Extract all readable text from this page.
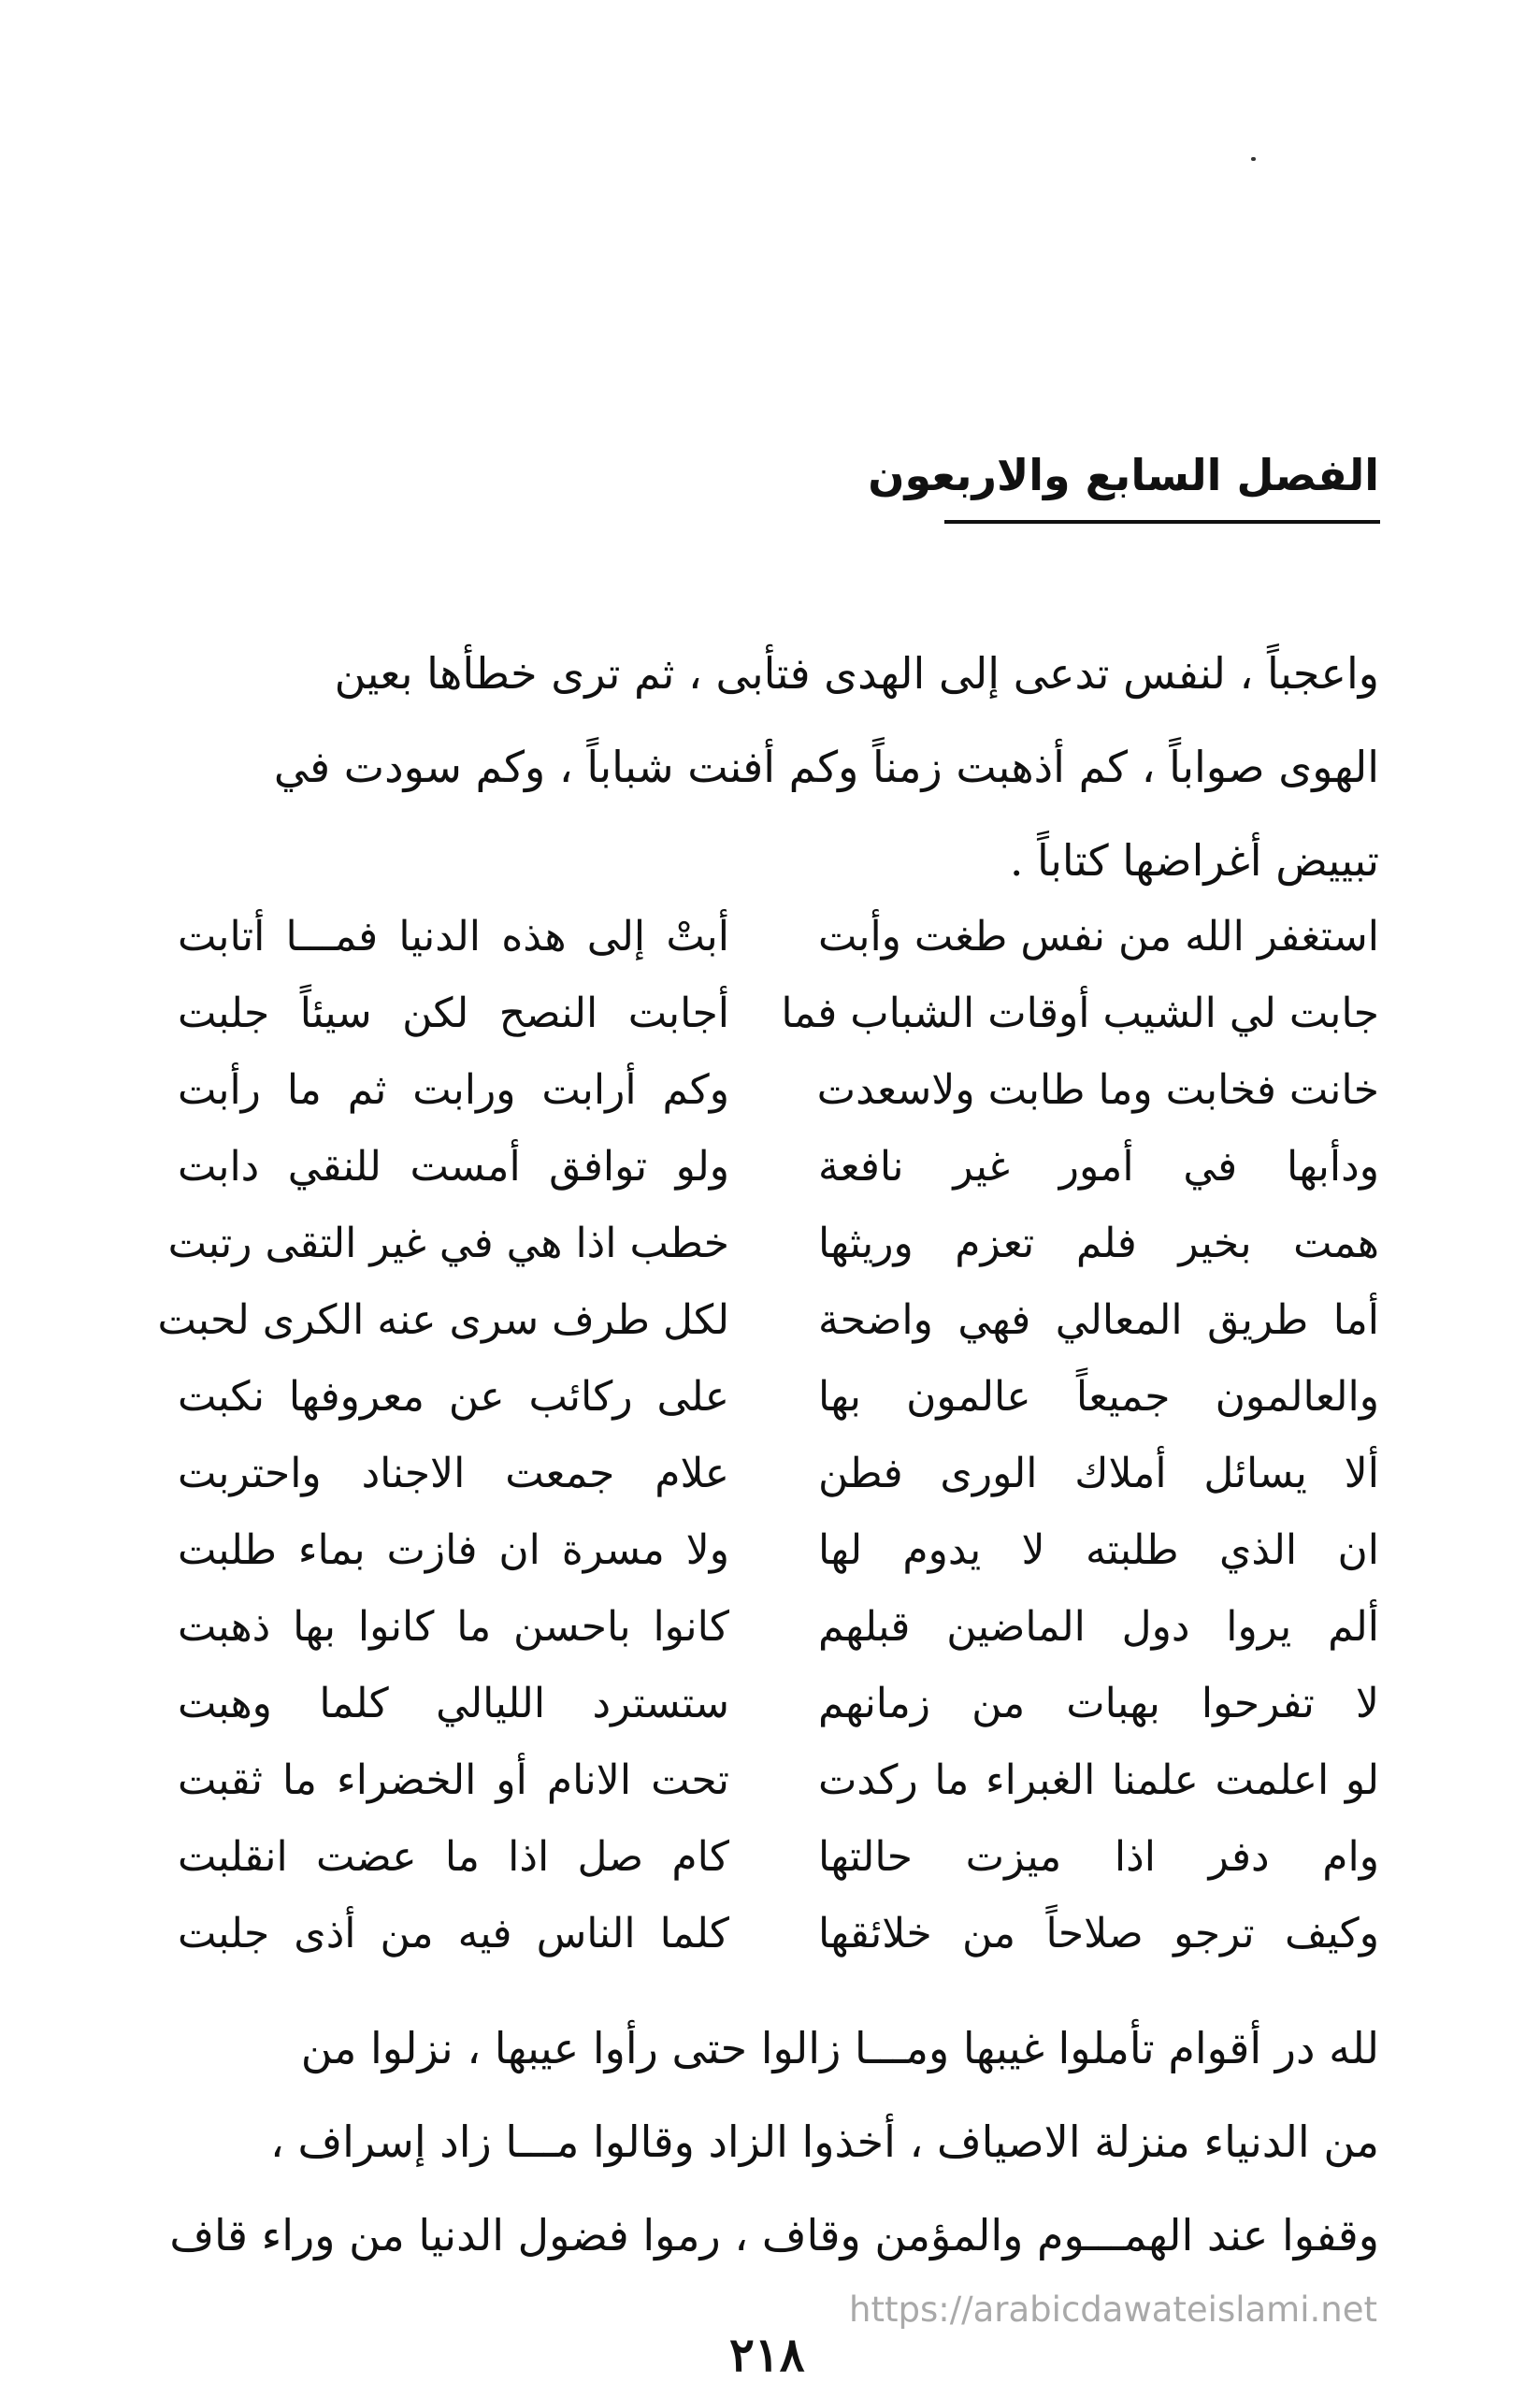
الفصل السابع والاربعون
واعجباً ، لنفس تدعى إلى الهدى فتأبى ، ثم ترى خطأها بعين
الهوى صواباً ، كم أذهبت زمناً وكم أفنت شباباً ، وكم سودت في
تبييض أغراضها كتاباً .
استغفر الله من نفس طغت وأبت
أبتْ إلى هذه الدنيا فمـــا أتابت
جابت لي الشيب أوقات الشباب فما
أجابت النصح لكن سيئاً جلبت
خانت فخابت وما طابت ولاسعدت
وكم أرابت ورابت ثم ما رأبت
ودأبها في أمور غير نافعة
ولو توافق أمست للنقي دابت
همت بخير فلم تعزم وريثها
خطب اذا هي في غير التقى رتبت
أما طريق المعالي فهي واضحة
لكل طرف سرى عنه الكرى لحبت
والعالمون جميعاً عالمون بها
على ركائب عن معروفها نكبت
ألا يسائل أملاك الورى فطن
علام جمعت الاجناد واحتربت
ان الذي طلبته لا يدوم لها
ولا مسرة ان فازت بماء طلبت
ألم يروا دول الماضين قبلهم
كانوا باحسن ما كانوا بها ذهبت
لا تفرحوا بهبات من زمانهم
ستسترد الليالي كلما وهبت
لو اعلمت علمنا الغبراء ما ركدت
تحت الانام أو الخضراء ما ثقبت
وام دفر اذا ميزت حالتها
كام صل اذا ما عضت انقلبت
وكيف ترجو صلاحاً من خلائقها
كلما الناس فيه من أذى جلبت
لله در أقوام تأملوا غيبها ومـــا زالوا حتى رأوا عيبها ، نزلوا من
من الدنياء منزلة الاصياف ، أخذوا الزاد وقالوا مـــا زاد إسراف ،
وقفوا عند الهمـــوم والمؤمن وقاف ، رموا فضول الدنيا من وراء قاف
https://arabicdawateislami.net
٢١٨
